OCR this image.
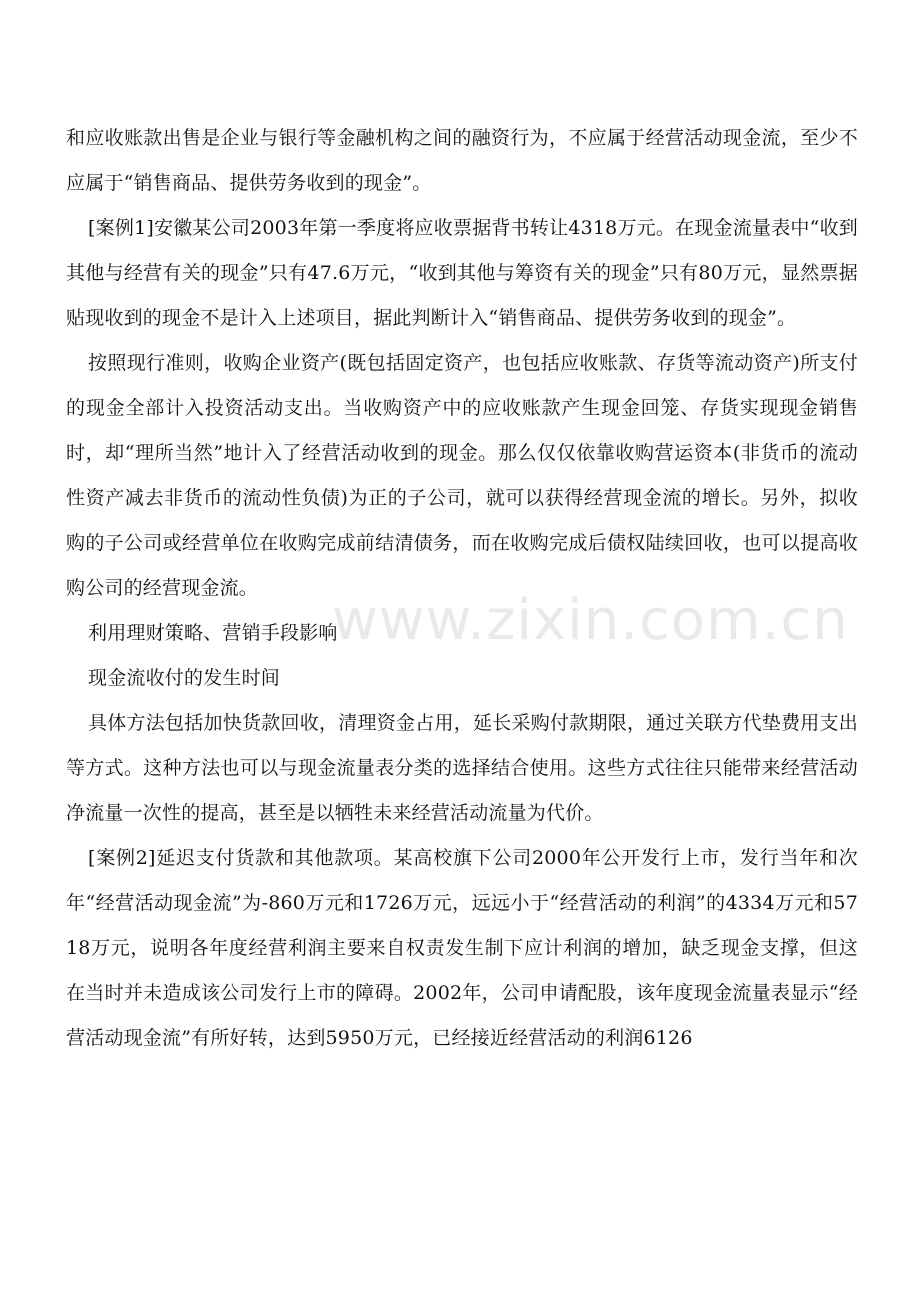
和应收账款出售是企业与银行等金融机构之间的融资行为，不应属于经营活动现金流，至少不应属于“销售商品、提供劳务收到的现金”。

[案例1]安徽某公司2003年第一季度将应收票据背书转让4318万元。在现金流量表中“收到其他与经营有关的现金”只有47.6万元，“收到其他与筹资有关的现金”只有80万元，显然票据贴现收到的现金不是计入上述项目，据此判断计入“销售商品、提供劳务收到的现金”。

按照现行准则，收购企业资产(既包括固定资产，也包括应收账款、存货等流动资产)所支付的现金全部计入投资活动支出。当收购资产中的应收账款产生现金回笼、存货实现现金销售时，却“理所当然”地计入了经营活动收到的现金。那么仅仅依靠收购营运资本(非货币的流动性资产减去非货币的流动性负债)为正的子公司，就可以获得经营现金流的增长。另外，拟收购的子公司或经营单位在收购完成前结清债务，而在收购完成后债权陆续回收，也可以提高收购公司的经营现金流。

利用理财策略、营销手段影响

现金流收付的发生时间

具体方法包括加快货款回收，清理资金占用，延长采购付款期限，通过关联方代垫费用支出等方式。这种方法也可以与现金流量表分类的选择结合使用。这些方式往往只能带来经营活动净流量一次性的提高，甚至是以牺牲未来经营活动流量为代价。

[案例2]延迟支付货款和其他款项。某高校旗下公司2000年公开发行上市，发行当年和次年“经营活动现金流”为-860万元和1726万元，远远小于“经营活动的利润”的4334万元和5718万元，说明各年度经营利润主要来自权责发生制下应计利润的增加，缺乏现金支撑，但这在当时并未造成该公司发行上市的障碍。2002年，公司申请配股，该年度现金流量表显示“经营活动现金流”有所好转，达到5950万元，已经接近经营活动的利润6126

www.zixin.com.cn
